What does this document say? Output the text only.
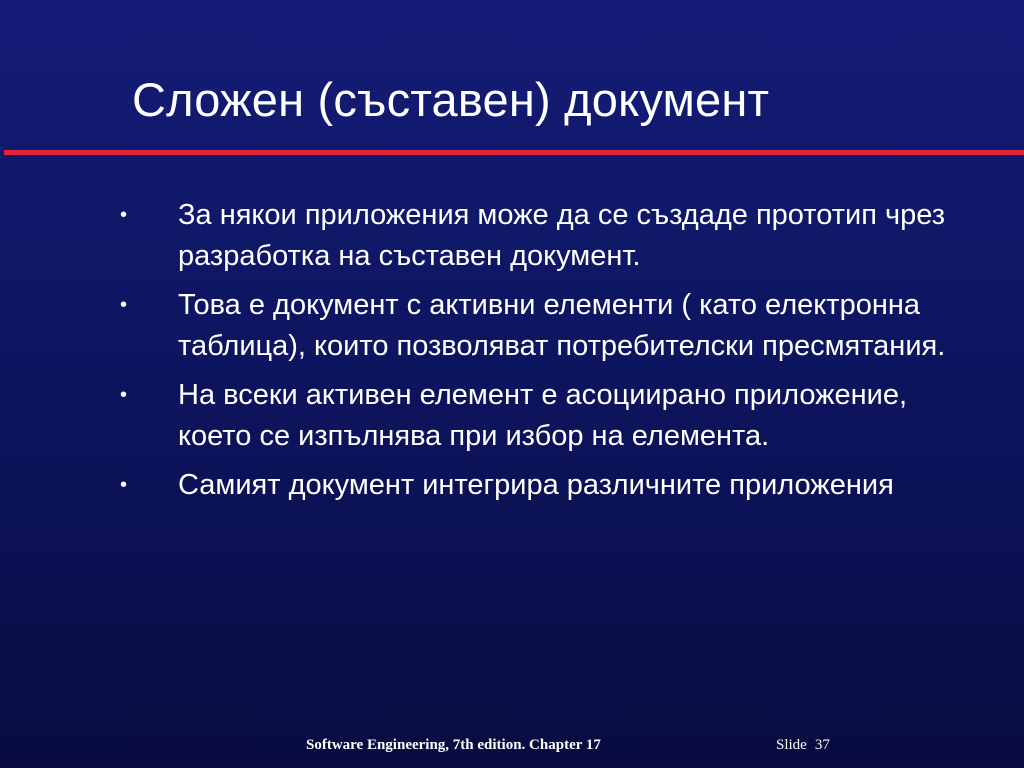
Сложен (съставен) документ
• За някои приложения може да се създаде прототип чрез разработка на съставен документ.
• Това е документ с активни елементи ( като електронна таблица), които позволяват потребителски пресмятания.
• На всеки активен елемент е асоциирано приложение, което се изпълнява при избор на елемента.
• Самият документ интегрира различните приложения
Software Engineering, 7th edition. Chapter 17	Slide 37
